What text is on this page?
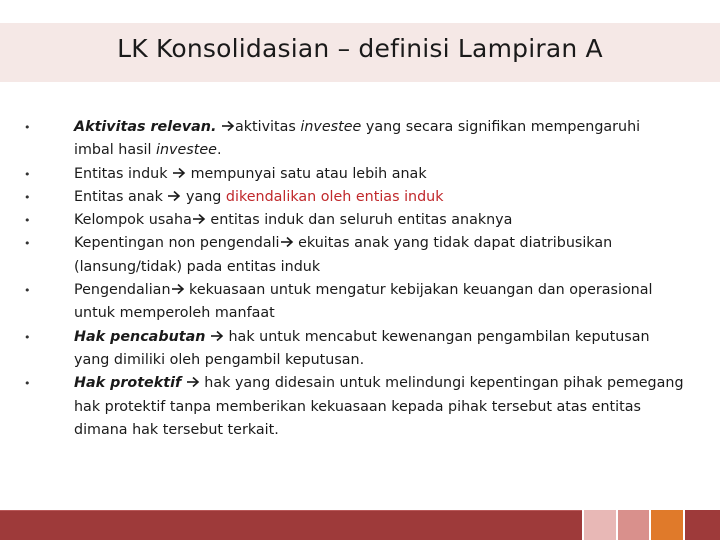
LK Konsolidasian – definisi Lampiran A
•	Aktivitas relevan. aktivitas investee yang secara signifikan mempengaruhi imbal hasil investee.
•	Entitas induk  mempunyai satu atau lebih anak
•	Entitas anak  yang dikendalikan oleh entias induk
•	Kelompok usaha entitas induk dan seluruh entitas anaknya
•	Kepentingan non pengendali ekuitas anak yang tidak dapat diatribusikan (lansung/tidak) pada entitas induk
•	Pengendalian kekuasaan untuk mengatur kebijakan keuangan dan operasional untuk memperoleh manfaat
•	Hak pencabutan  hak untuk mencabut kewenangan pengambilan keputusan yang dimiliki oleh pengambil keputusan.
•	Hak protektif  hak yang didesain untuk melindungi kepentingan pihak pemegang hak protektif tanpa memberikan kekuasaan kepada pihak tersebut atas entitas dimana hak tersebut terkait.
